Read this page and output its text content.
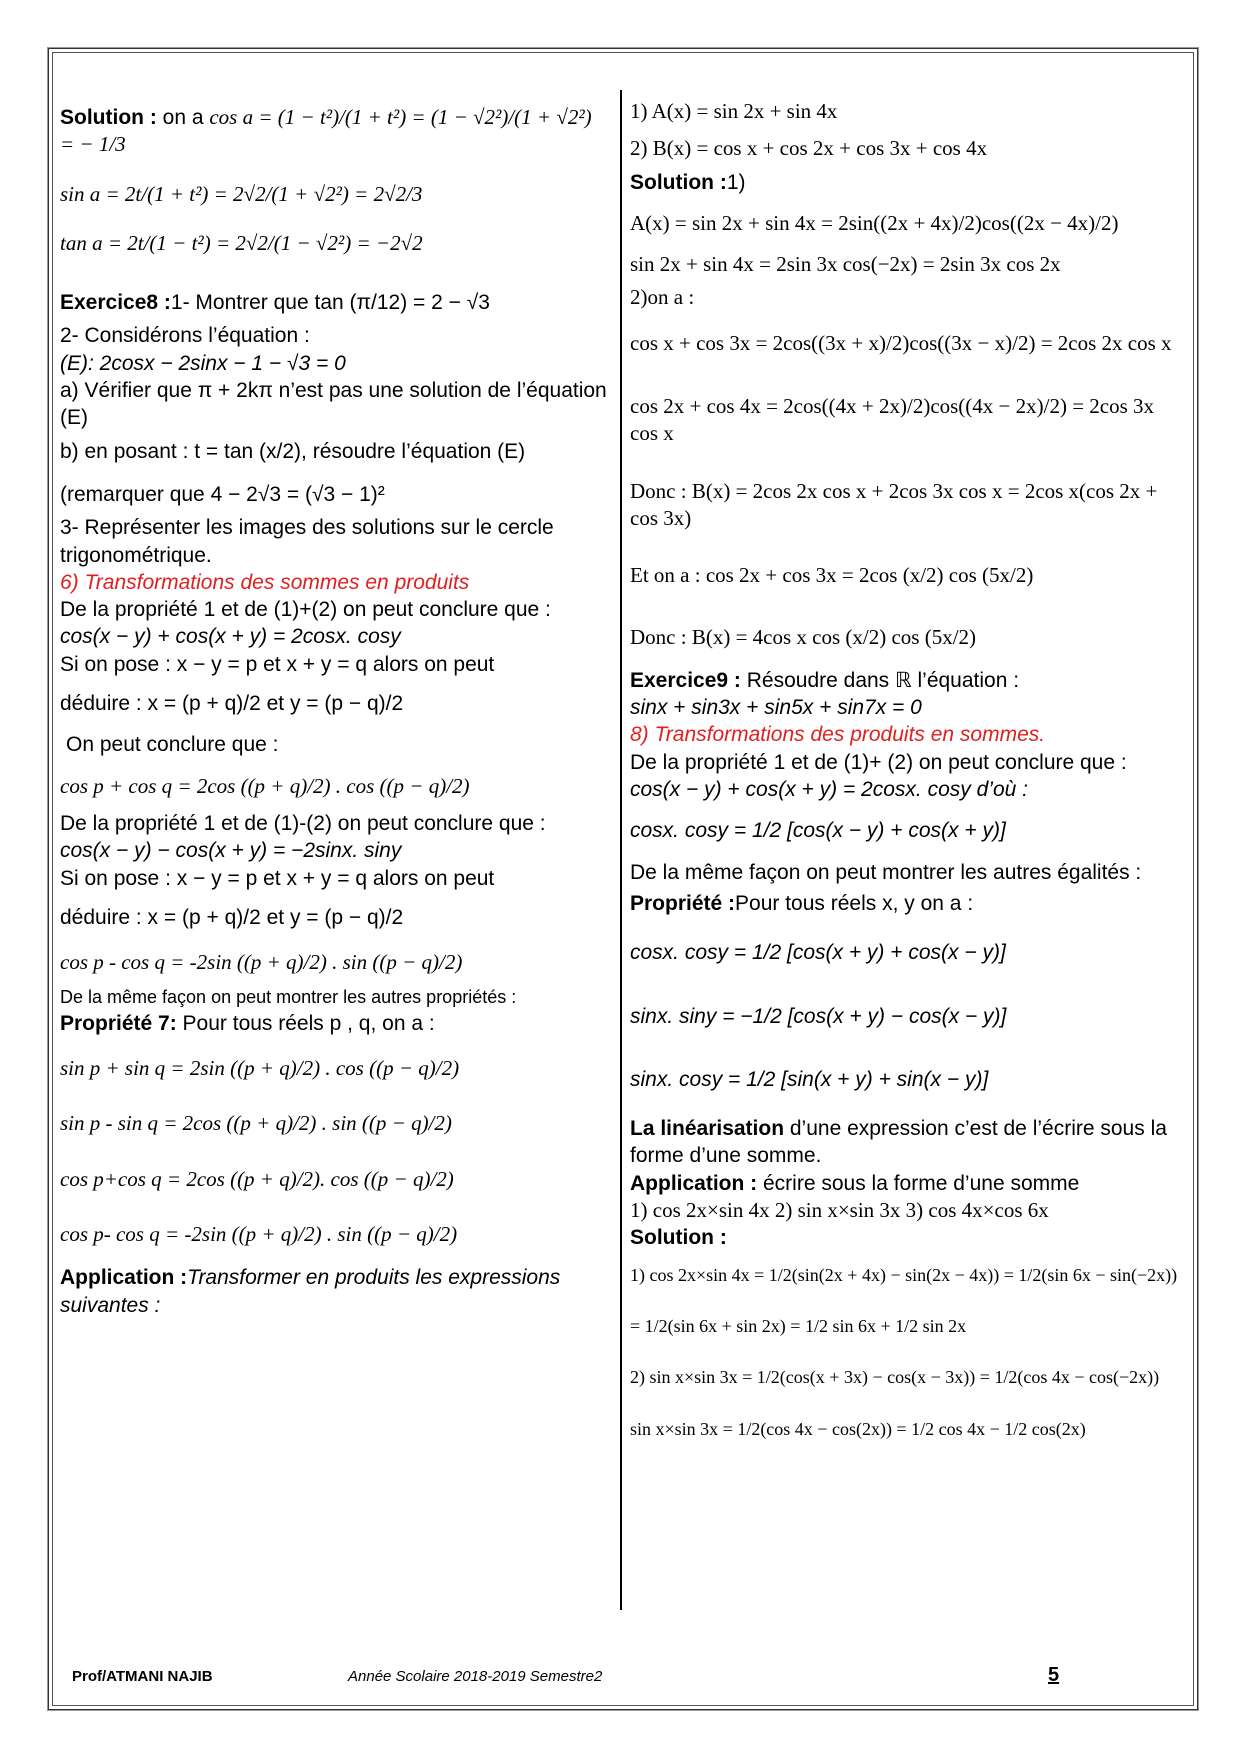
Solution : on a cos a = (1 − t²)/(1 + t²) = (1 − √2²)/(1 + √2²) = − 1/3

sin a = 2t/(1 + t²) = 2√2/(1 + √2²) = 2√2/3

tan a = 2t/(1 − t²) = 2√2/(1 − √2²) = −2√2

Exercice8 :1- Montrer que tan (π/12) = 2 − √3

2- Considérons l’équation :

(E): 2cosx − 2sinx − 1 − √3 = 0

a) Vérifier que π + 2kπ n’est pas une solution de l’équation (E)

b) en posant : t = tan (x/2), résoudre l’équation (E)

(remarquer que 4 − 2√3 = (√3 − 1)²

3- Représenter les images des solutions sur le cercle trigonométrique.

6) Transformations des sommes en produits

De la propriété 1 et de (1)+(2) on peut conclure que :

cos(x − y) + cos(x + y) = 2cosx. cosy

Si on pose : x − y = p et x + y = q alors on peut

déduire : x = (p + q)/2 et y = (p − q)/2

On peut conclure que :

cos p + cos q = 2cos ((p + q)/2) . cos ((p − q)/2)

De la propriété 1 et de (1)-(2) on peut conclure que :

cos(x − y) − cos(x + y) = −2sinx. siny

Si on pose : x − y = p et x + y = q alors on peut

déduire : x = (p + q)/2 et y = (p − q)/2

cos p - cos q = -2sin ((p + q)/2) . sin ((p − q)/2)

De la même façon on peut montrer les autres propriétés :

Propriété 7: Pour tous réels p , q, on a :

sin p + sin q = 2sin ((p + q)/2) . cos ((p − q)/2)

sin p - sin q = 2cos ((p + q)/2) . sin ((p − q)/2)

cos p+cos q = 2cos ((p + q)/2). cos ((p − q)/2)

cos p- cos q = -2sin ((p + q)/2) . sin ((p − q)/2)

Application :Transformer en produits les expressions suivantes :

1) A(x) = sin 2x + sin 4x

2) B(x) = cos x + cos 2x + cos 3x + cos 4x

Solution :1)

A(x) = sin 2x + sin 4x = 2sin((2x + 4x)/2)cos((2x − 4x)/2)

sin 2x + sin 4x = 2sin 3x cos(−2x) = 2sin 3x cos 2x

2)on a :

cos x + cos 3x = 2cos((3x + x)/2)cos((3x − x)/2) = 2cos 2x cos x

cos 2x + cos 4x = 2cos((4x + 2x)/2)cos((4x − 2x)/2) = 2cos 3x cos x

Donc : B(x) = 2cos 2x cos x + 2cos 3x cos x = 2cos x(cos 2x + cos 3x)

Et on a : cos 2x + cos 3x = 2cos (x/2) cos (5x/2)

Donc : B(x) = 4cos x cos (x/2) cos (5x/2)

Exercice9 : Résoudre dans ℝ l’équation :

sinx + sin3x + sin5x + sin7x = 0

8) Transformations des produits en sommes.

De la propriété 1 et de (1)+ (2) on peut conclure que :

cos(x − y) + cos(x + y) = 2cosx. cosy d’où :

cosx. cosy = 1/2 [cos(x − y) + cos(x + y)]

De la même façon on peut montrer les autres égalités :

Propriété :Pour tous réels x, y on a :

cosx. cosy = 1/2 [cos(x + y) + cos(x − y)]

sinx. siny = −1/2 [cos(x + y) − cos(x − y)]

sinx. cosy = 1/2 [sin(x + y) + sin(x − y)]

La linéarisation d’une expression c’est de l’écrire sous la forme d’une somme.

Application : écrire sous la forme d’une somme

1) cos 2x×sin 4x 2) sin x×sin 3x 3) cos 4x×cos 6x

Solution :

1) cos 2x×sin 4x = 1/2(sin(2x + 4x) − sin(2x − 4x)) = 1/2(sin 6x − sin(−2x))

= 1/2(sin 6x + sin 2x) = 1/2 sin 6x + 1/2 sin 2x

2) sin x×sin 3x = 1/2(cos(x + 3x) − cos(x − 3x)) = 1/2(cos 4x − cos(−2x))

sin x×sin 3x = 1/2(cos 4x − cos(2x)) = 1/2 cos 4x − 1/2 cos(2x)

Prof/ATMANI NAJIB	Année Scolaire 2018-2019 Semestre2	5
